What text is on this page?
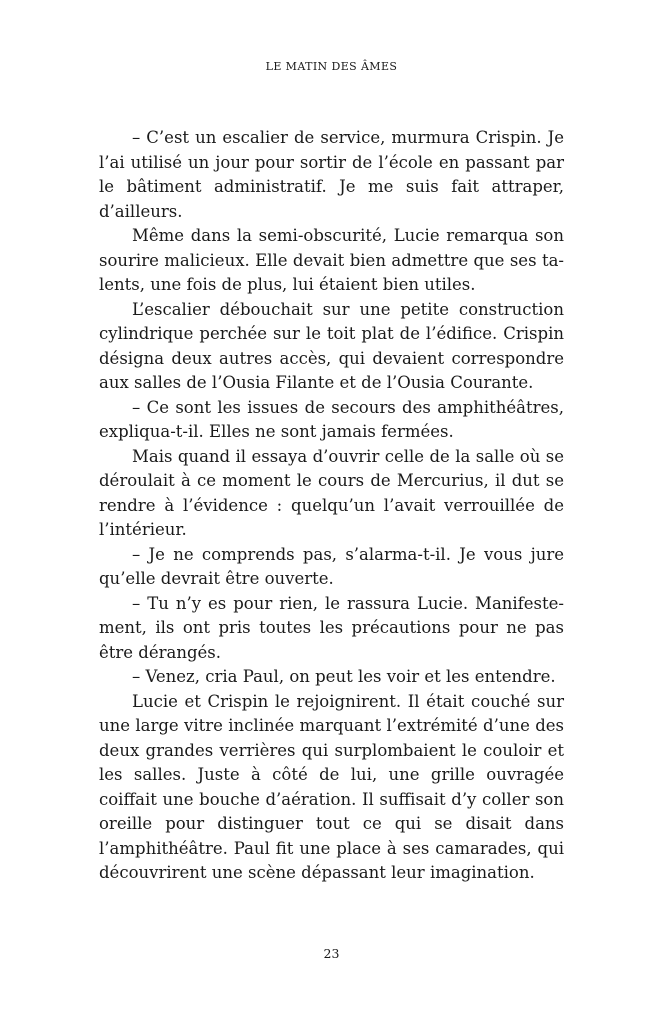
LE MATIN DES ÂMES

– C’est un escalier de service, murmura Crispin. Je l’ai utilisé un jour pour sortir de l’école en passant par le bâtiment administratif. Je me suis fait attraper, d’ailleurs.

Même dans la semi-obscurité, Lucie remarqua son sourire malicieux. Elle devait bien admettre que ses talents, une fois de plus, lui étaient bien utiles.

L’escalier débouchait sur une petite construction cylindrique perchée sur le toit plat de l’édifice. Crispin désigna deux autres accès, qui devaient correspondre aux salles de l’Ousia Filante et de l’Ousia Courante.

– Ce sont les issues de secours des amphithéâtres, expliqua-t-il. Elles ne sont jamais fermées.

Mais quand il essaya d’ouvrir celle de la salle où se déroulait à ce moment le cours de Mercurius, il dut se rendre à l’évidence : quelqu’un l’avait verrouillée de l’intérieur.

– Je ne comprends pas, s’alarma-t-il. Je vous jure qu’elle devrait être ouverte.

– Tu n’y es pour rien, le rassura Lucie. Manifestement, ils ont pris toutes les précautions pour ne pas être dérangés.

– Venez, cria Paul, on peut les voir et les entendre.

Lucie et Crispin le rejoignirent. Il était couché sur une large vitre inclinée marquant l’extrémité d’une des deux grandes verrières qui surplombaient le couloir et les salles. Juste à côté de lui, une grille ouvragée coiffait une bouche d’aération. Il suffisait d’y coller son oreille pour distinguer tout ce qui se disait dans l’amphithéâtre. Paul fit une place à ses camarades, qui découvrirent une scène dépassant leur imagination.

23
